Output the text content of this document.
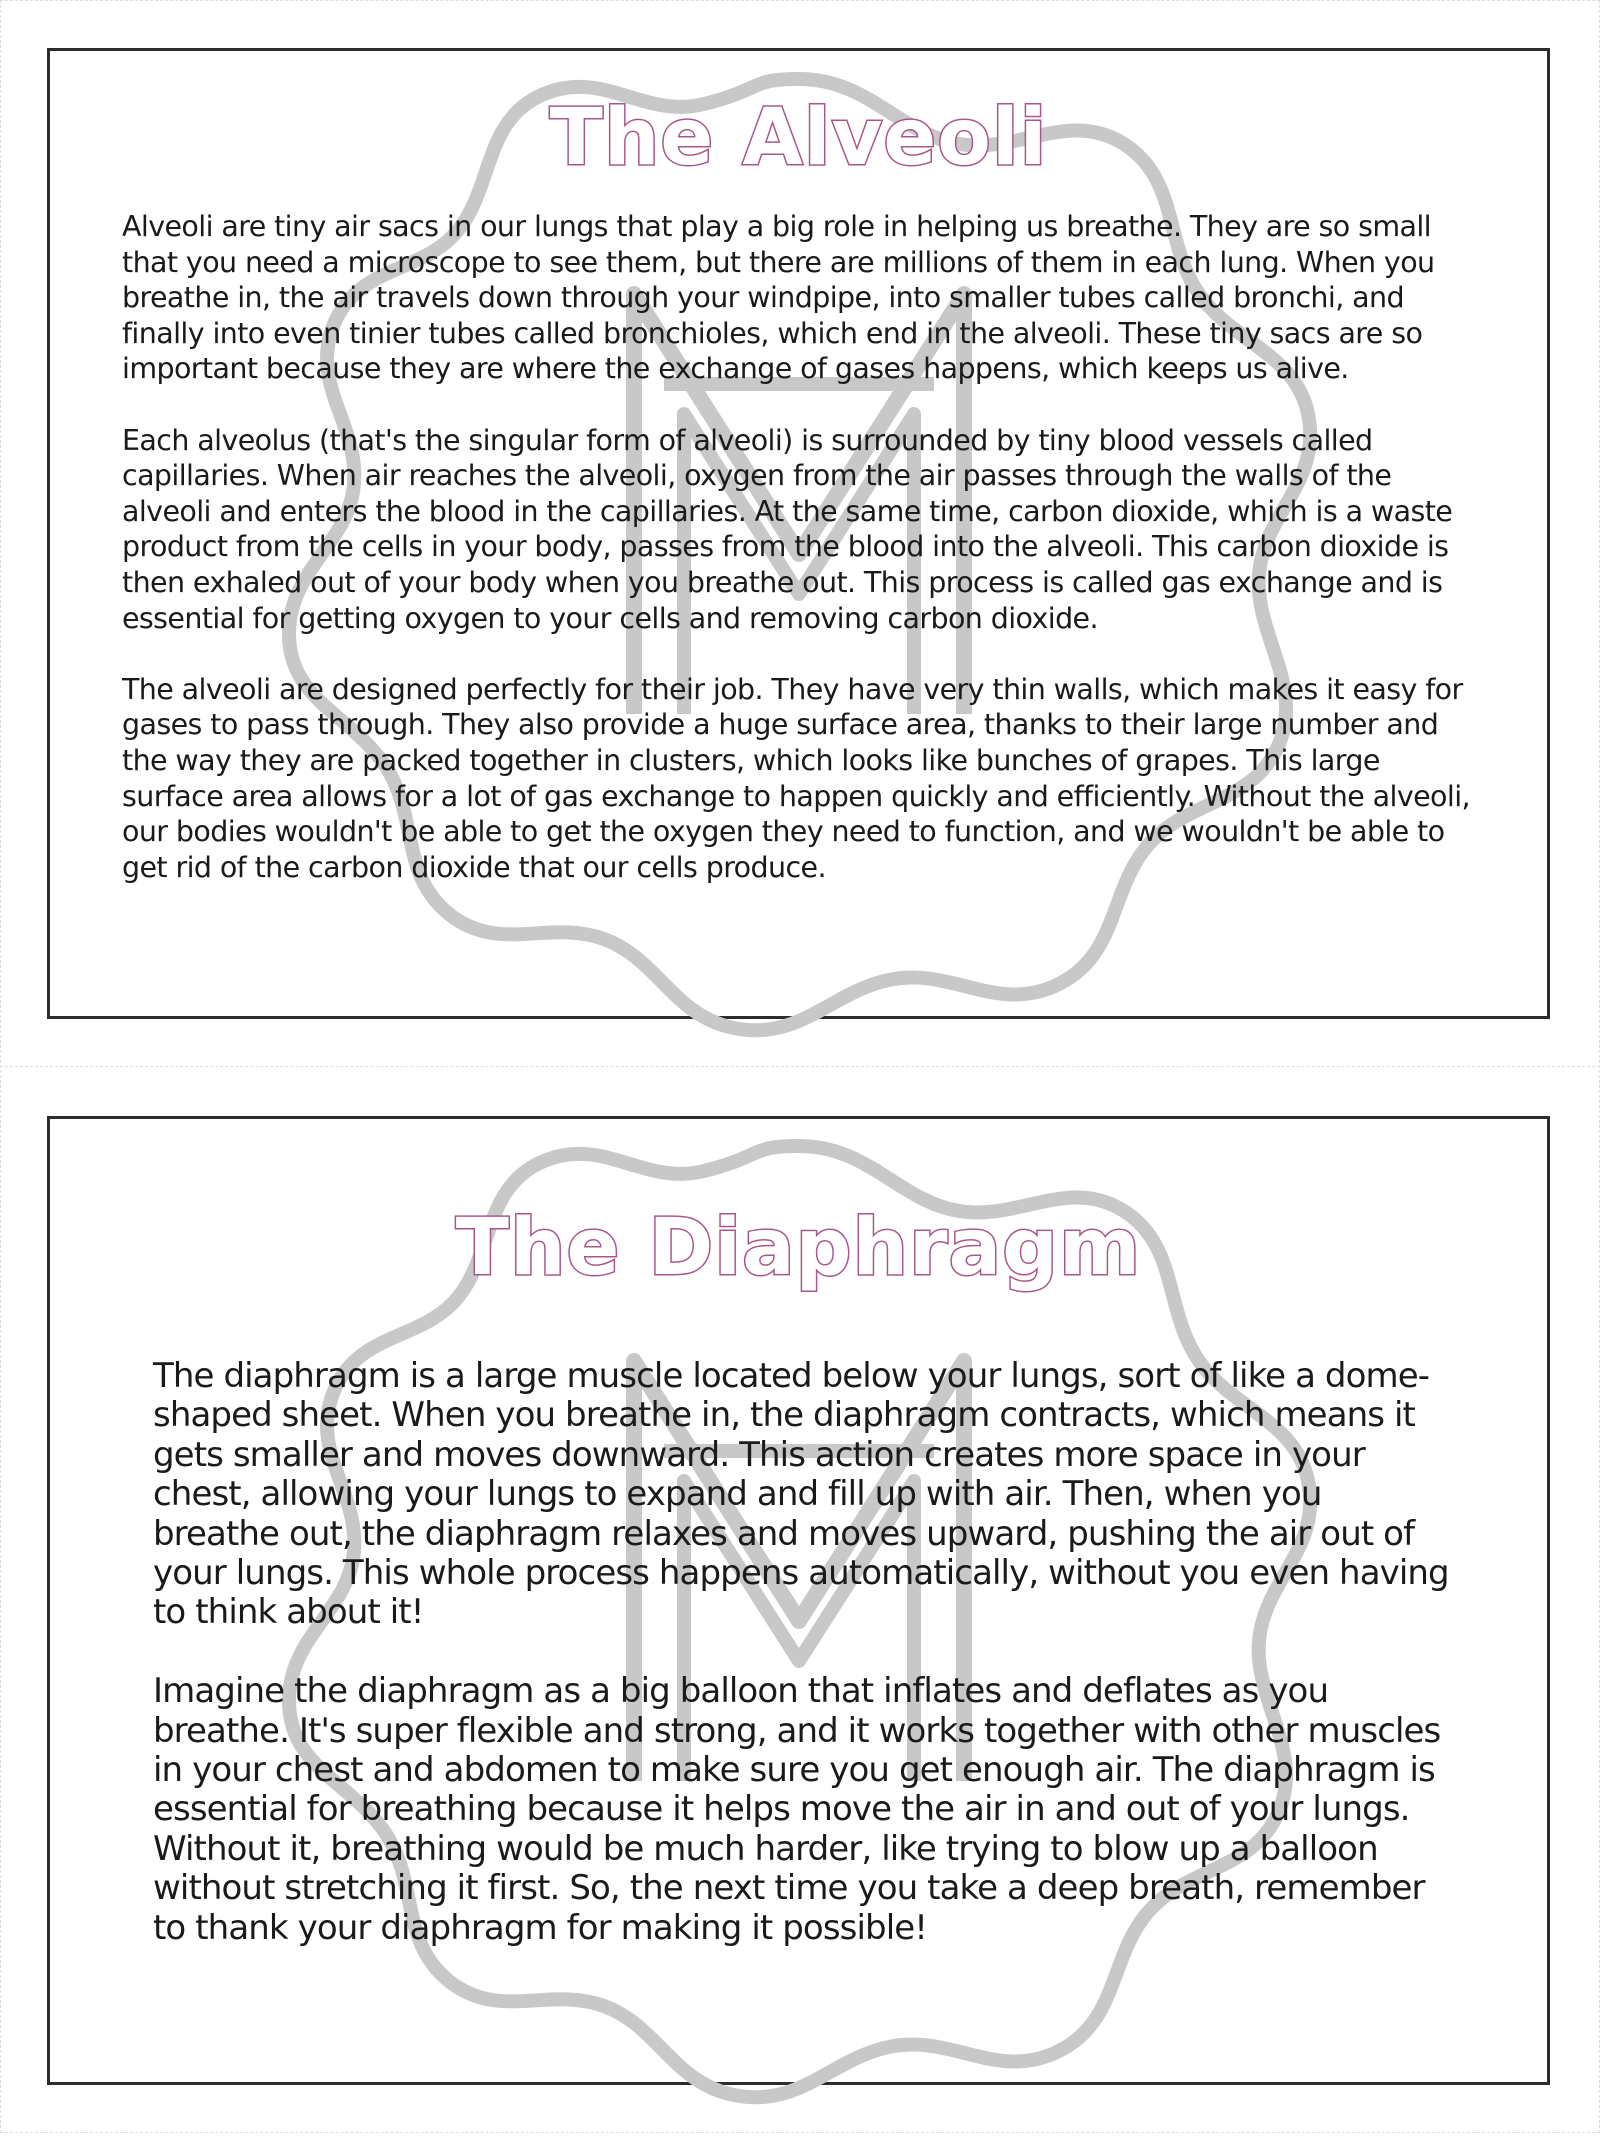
The Alveoli

Alveoli are tiny air sacs in our lungs that play a big role in helping us breathe. They are so small that you need a microscope to see them, but there are millions of them in each lung. When you breathe in, the air travels down through your windpipe, into smaller tubes called bronchi, and finally into even tinier tubes called bronchioles, which end in the alveoli. These tiny sacs are so important because they are where the exchange of gases happens, which keeps us alive.

Each alveolus (that's the singular form of alveoli) is surrounded by tiny blood vessels called capillaries. When air reaches the alveoli, oxygen from the air passes through the walls of the alveoli and enters the blood in the capillaries. At the same time, carbon dioxide, which is a waste product from the cells in your body, passes from the blood into the alveoli. This carbon dioxide is then exhaled out of your body when you breathe out. This process is called gas exchange and is essential for getting oxygen to your cells and removing carbon dioxide.

The alveoli are designed perfectly for their job. They have very thin walls, which makes it easy for gases to pass through. They also provide a huge surface area, thanks to their large number and the way they are packed together in clusters, which looks like bunches of grapes. This large surface area allows for a lot of gas exchange to happen quickly and efficiently. Without the alveoli, our bodies wouldn't be able to get the oxygen they need to function, and we wouldn't be able to get rid of the carbon dioxide that our cells produce.

The Diaphragm

The diaphragm is a large muscle located below your lungs, sort of like a dome-shaped sheet. When you breathe in, the diaphragm contracts, which means it gets smaller and moves downward. This action creates more space in your chest, allowing your lungs to expand and fill up with air. Then, when you breathe out, the diaphragm relaxes and moves upward, pushing the air out of your lungs. This whole process happens automatically, without you even having to think about it!

Imagine the diaphragm as a big balloon that inflates and deflates as you breathe. It's super flexible and strong, and it works together with other muscles in your chest and abdomen to make sure you get enough air. The diaphragm is essential for breathing because it helps move the air in and out of your lungs. Without it, breathing would be much harder, like trying to blow up a balloon without stretching it first. So, the next time you take a deep breath, remember to thank your diaphragm for making it possible!
